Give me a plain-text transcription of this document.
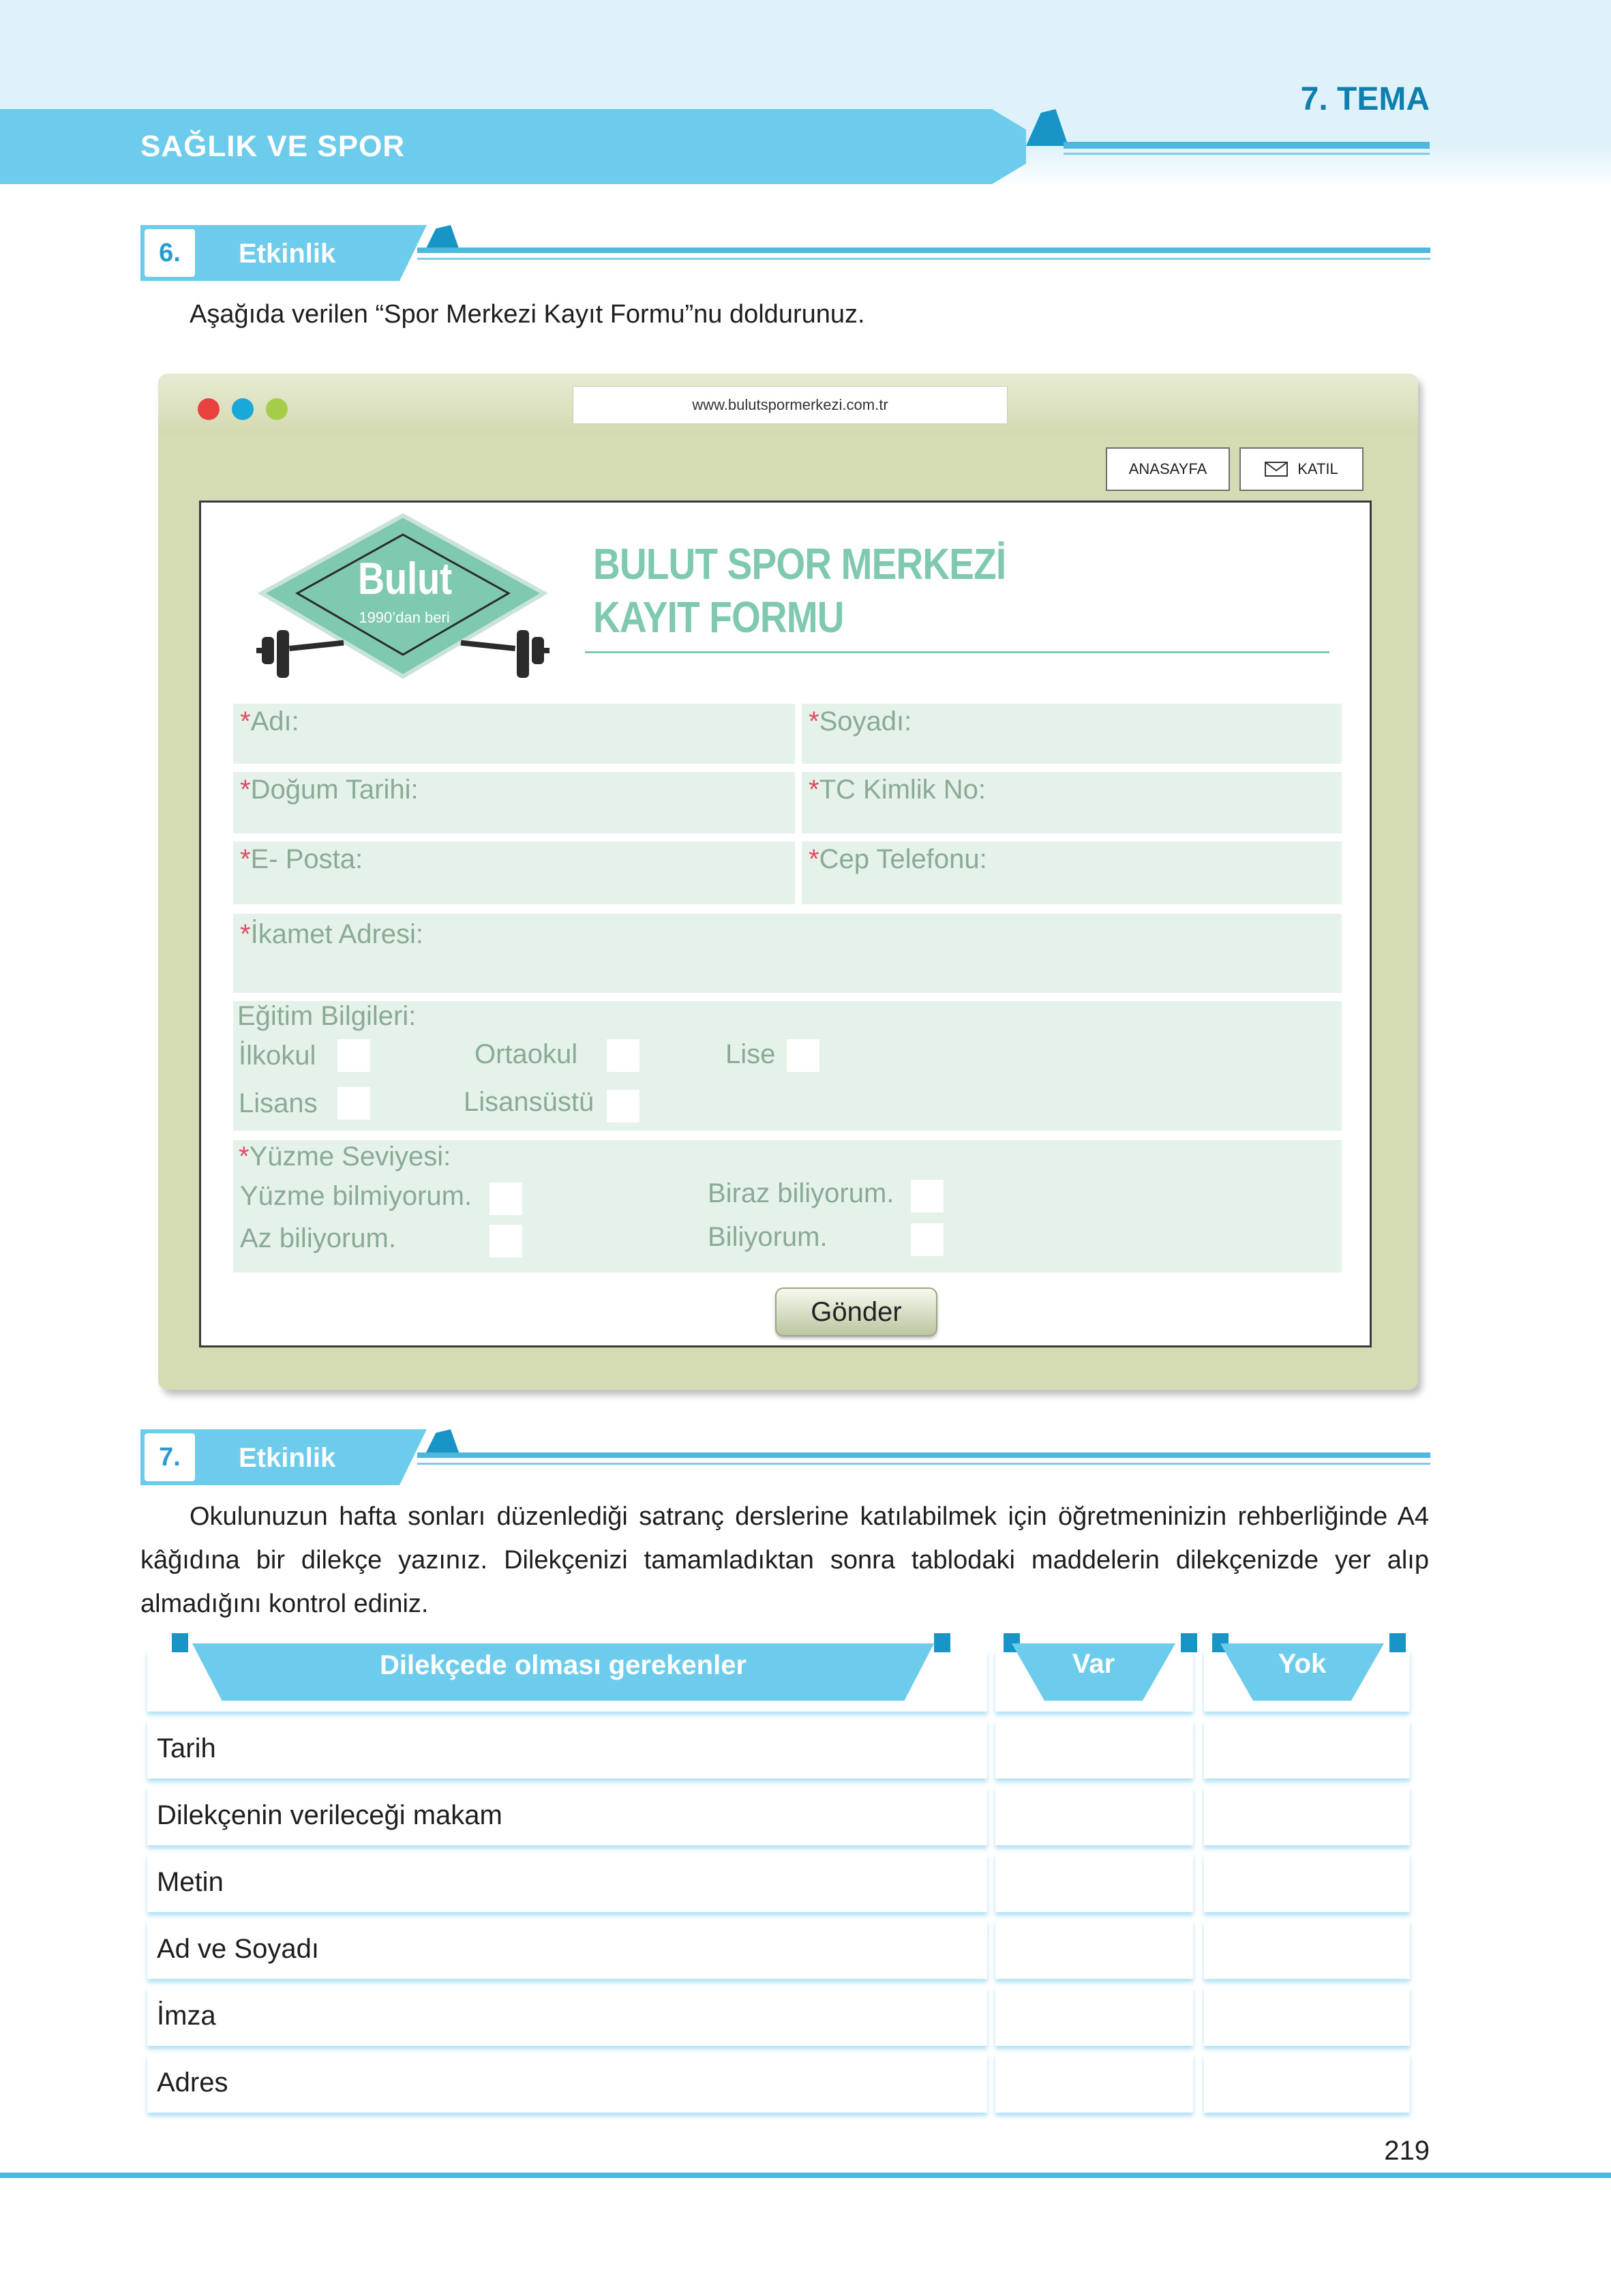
SAĞLIK VE SPOR
7. TEMA
6.	Etkinlik
Aşağıda verilen “Spor Merkezi Kayıt Formu”nu doldurunuz.
www.bulutspormerkezi.com.tr
ANASAYFA	KATIL
Bulut
1990’dan beri
BULUT SPOR MERKEZİ
KAYIT FORMU
*Adı:	*Soyadı:
*Doğum Tarihi:	*TC Kimlik No:
*E- Posta:	*Cep Telefonu:
*İkamet Adresi:
Eğitim Bilgileri:
İlkokul	Ortaokul	Lise
Lisans	Lisansüstü
*Yüzme Seviyesi:
Yüzme bilmiyorum.	Biraz biliyorum.
Az biliyorum.	Biliyorum.
Gönder
7.	Etkinlik
Okulunuzun hafta sonları düzenlediği satranç derslerine katılabilmek için öğretmeninizin rehberliğinde A4 kâğıdına bir dilekçe yazınız. Dilekçenizi tamamladıktan sonra tablodaki maddelerin dilekçenizde yer alıp almadığını kontrol ediniz.
Dilekçede olması gerekenler	Var	Yok
Tarih
Dilekçenin verileceği makam
Metin
Ad ve Soyadı
İmza
Adres
219
